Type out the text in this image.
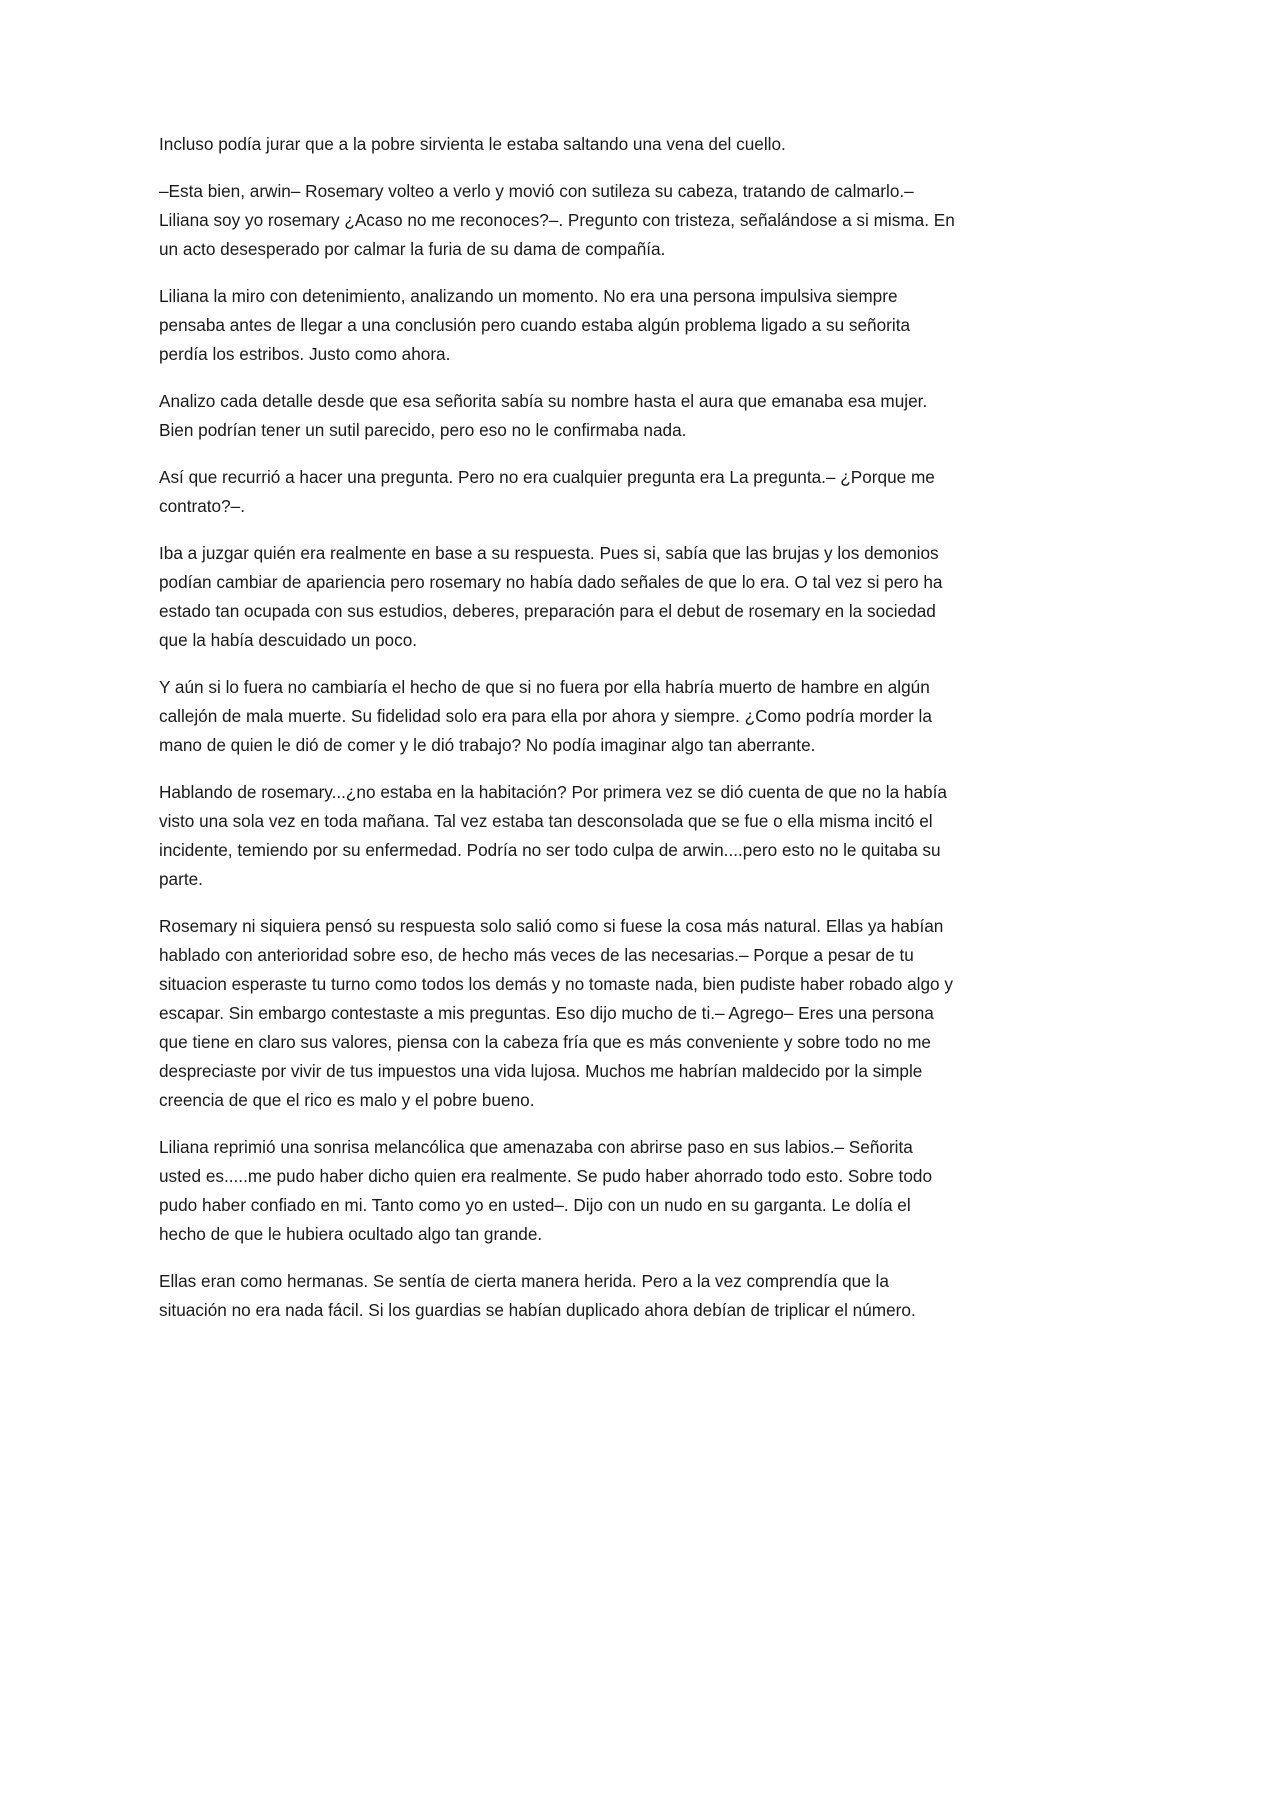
Incluso podía jurar que a la pobre sirvienta le estaba saltando una vena del cuello.

–Esta bien, arwin– Rosemary volteo a verlo y movió con sutileza su cabeza, tratando de calmarlo.–Liliana soy yo rosemary ¿Acaso no me reconoces?–. Pregunto con tristeza, señalándose a si misma. En un acto desesperado por calmar la furia de su dama de compañía.

Liliana la miro con detenimiento, analizando un momento. No era una persona impulsiva siempre pensaba antes de llegar a una conclusión pero cuando estaba algún problema ligado a su señorita perdía los estribos. Justo como ahora.

Analizo cada detalle desde que esa señorita sabía su nombre hasta el aura que emanaba esa mujer. Bien podrían tener un sutil parecido, pero eso no le confirmaba nada.

Así que recurrió a hacer una pregunta. Pero no era cualquier pregunta era La pregunta.– ¿Porque me contrato?–.

Iba a juzgar quién era realmente en base a su respuesta. Pues si, sabía que las brujas y los demonios podían cambiar de apariencia pero rosemary no había dado señales de que lo era. O tal vez si pero ha estado tan ocupada con sus estudios, deberes, preparación para el debut de rosemary en la sociedad que la había descuidado un poco.

Y aún si lo fuera no cambiaría el hecho de que si no fuera por ella habría muerto de hambre en algún callejón de mala muerte. Su fidelidad solo era para ella por ahora y siempre. ¿Como podría morder la mano de quien le dió de comer y le dió trabajo? No podía imaginar algo tan aberrante.

Hablando de rosemary...¿no estaba en la habitación? Por primera vez se dió cuenta de que no la había visto una sola vez en toda mañana. Tal vez estaba tan desconsolada que se fue o ella misma incitó el incidente, temiendo por su enfermedad. Podría no ser todo culpa de arwin....pero esto no le quitaba su parte.

Rosemary ni siquiera pensó su respuesta solo salió como si fuese la cosa más natural. Ellas ya habían hablado con anterioridad sobre eso, de hecho más veces de las necesarias.– Porque a pesar de tu situacion esperaste tu turno como todos los demás y no tomaste nada, bien pudiste haber robado algo y escapar. Sin embargo contestaste a mis preguntas. Eso dijo mucho de ti.– Agrego– Eres una persona que tiene en claro sus valores, piensa con la cabeza fría que es más conveniente y sobre todo no me despreciaste por vivir de tus impuestos una vida lujosa. Muchos me habrían maldecido por la simple creencia de que el rico es malo y el pobre bueno.

Liliana reprimió una sonrisa melancólica que amenazaba con abrirse paso en sus labios.– Señorita usted es.....me pudo haber dicho quien era realmente. Se pudo haber ahorrado todo esto. Sobre todo pudo haber confiado en mi. Tanto como yo en usted–. Dijo con un nudo en su garganta. Le dolía el hecho de que le hubiera ocultado algo tan grande.

Ellas eran como hermanas. Se sentía de cierta manera herida. Pero a la vez comprendía que la situación no era nada fácil. Si los guardias se habían duplicado ahora debían de triplicar el número.
